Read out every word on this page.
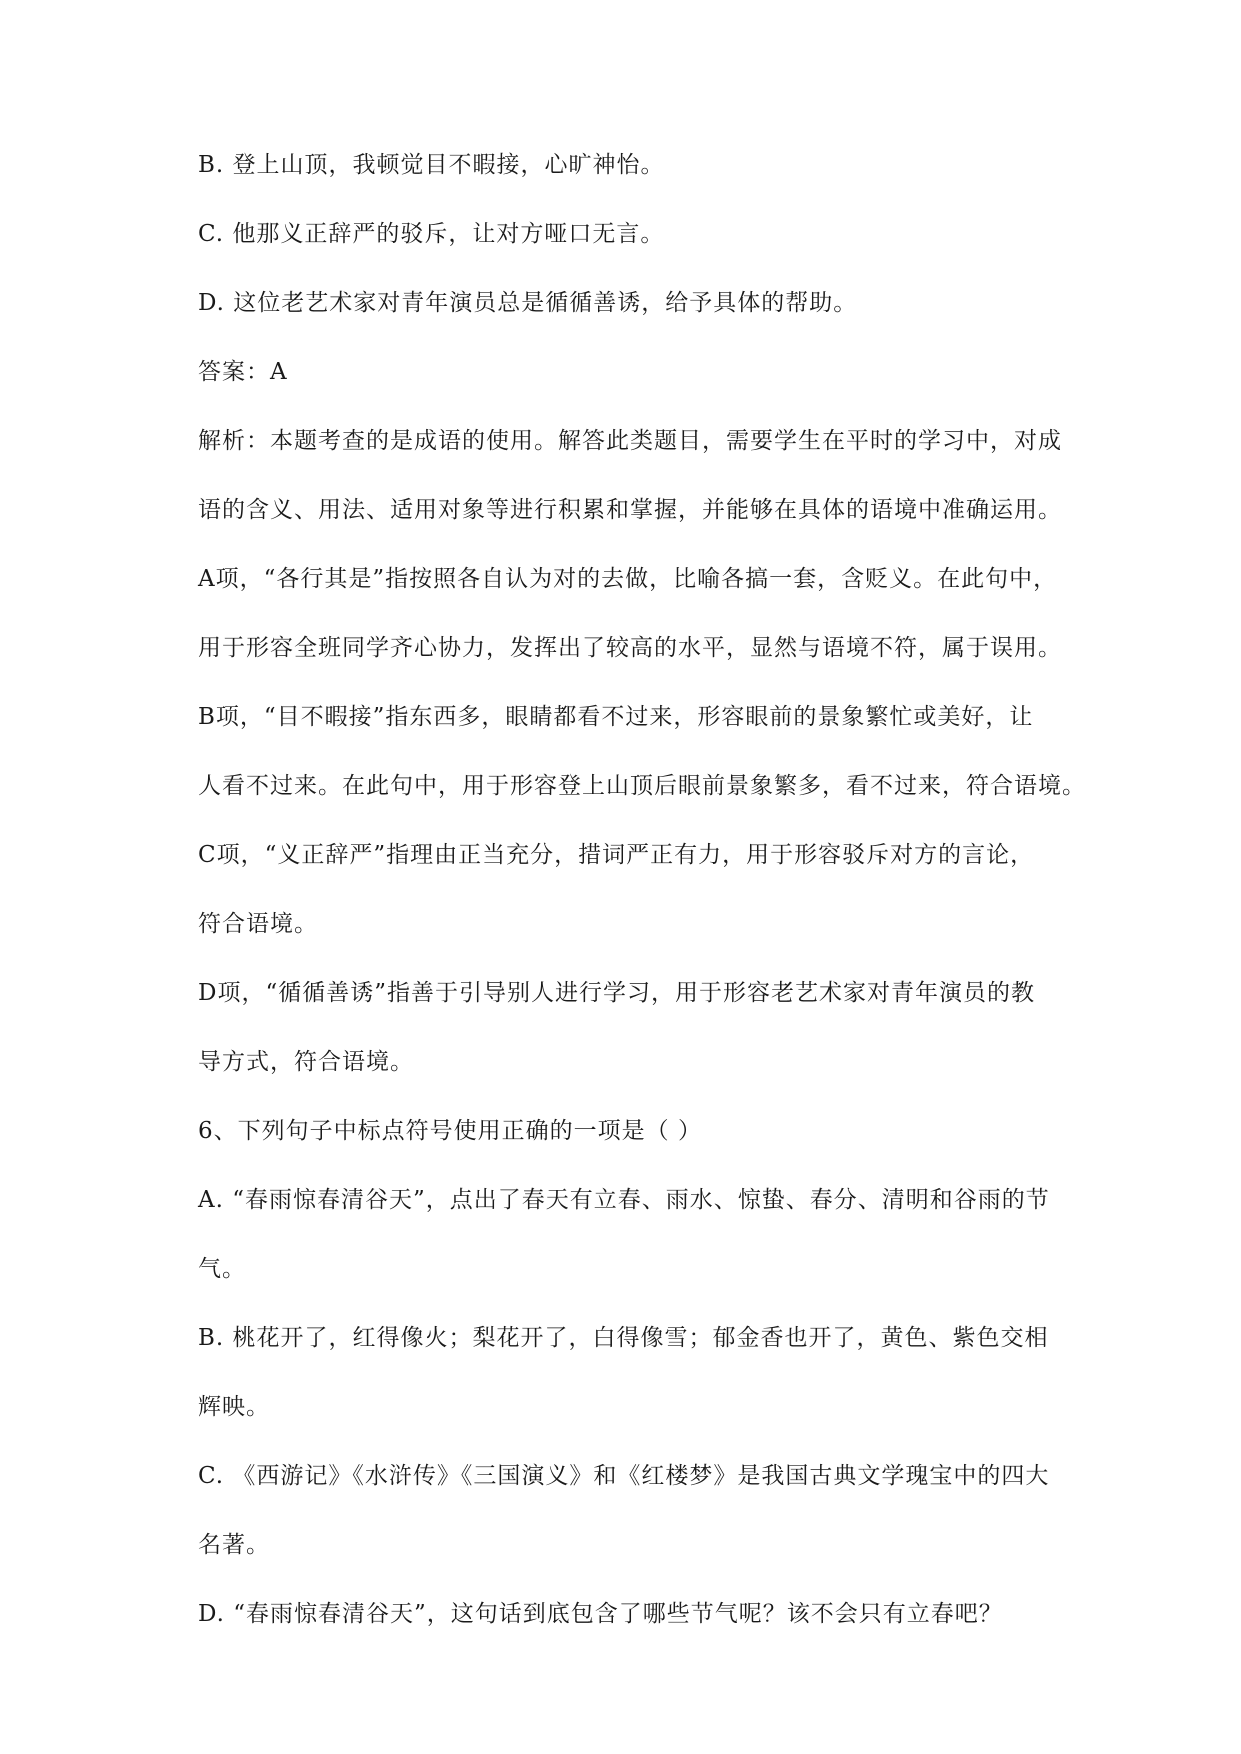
B. 登上山顶，我顿觉目不暇接，心旷神怡。
C. 他那义正辞严的驳斥，让对方哑口无言。
D. 这位老艺术家对青年演员总是循循善诱，给予具体的帮助。
答案：A
解析：本题考查的是成语的使用。解答此类题目，需要学生在平时的学习中，对成
语的含义、用法、适用对象等进行积累和掌握，并能够在具体的语境中准确运用。
A项，“各行其是”指按照各自认为对的去做，比喻各搞一套，含贬义。在此句中，
用于形容全班同学齐心协力，发挥出了较高的水平，显然与语境不符，属于误用。
B项，“目不暇接”指东西多，眼睛都看不过来，形容眼前的景象繁忙或美好，让
人看不过来。在此句中，用于形容登上山顶后眼前景象繁多，看不过来，符合语境。
C项，“义正辞严”指理由正当充分，措词严正有力，用于形容驳斥对方的言论，
符合语境。
D项，“循循善诱”指善于引导别人进行学习，用于形容老艺术家对青年演员的教
导方式，符合语境。
6、下列句子中标点符号使用正确的一项是（ ）
A. “春雨惊春清谷天”，点出了春天有立春、雨水、惊蛰、春分、清明和谷雨的节
气。
B. 桃花开了，红得像火；梨花开了，白得像雪；郁金香也开了，黄色、紫色交相
辉映。
C. 《西游记》《水浒传》《三国演义》和《红楼梦》是我国古典文学瑰宝中的四大
名著。
D. “春雨惊春清谷天”，这句话到底包含了哪些节气呢？该不会只有立春吧？
